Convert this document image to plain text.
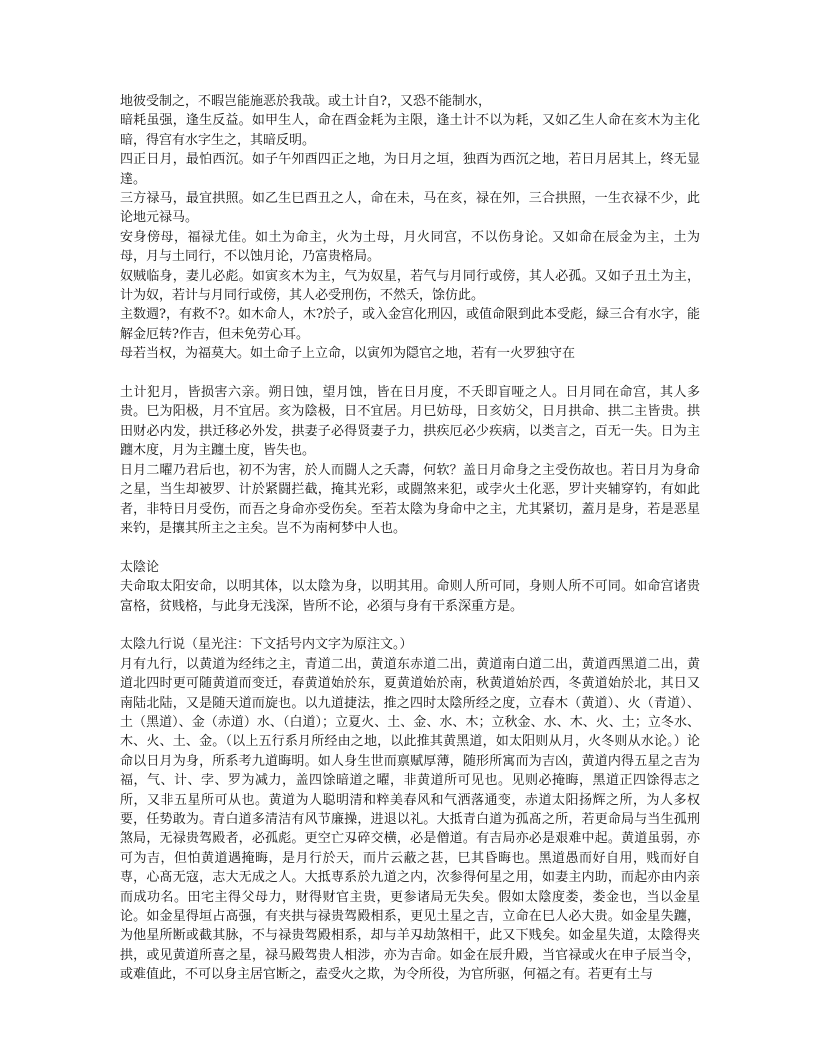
地彼受制之，不暇岂能施恶於我哉。或土计自?，又恐不能制水，

暗耗虽强，逢生反益。如甲生人，命在酉金耗为主限，逢土计不以为耗，又如乙生人命在亥木为主化暗，得宫有水字生之，其暗反明。

四正日月，最怕西沉。如子午夘酉四正之地，为日月之垣，独酉为西沉之地，若日月居其上，终无显達。

三方禄马，最宜拱照。如乙生巳酉丑之人，命在未，马在亥，禄在夘，三合拱照，一生衣禄不少，此论地元禄马。

安身傍母，福禄尤佳。如土为命主，火为土母，月火同宫，不以伤身论。又如命在辰金为主，土为母，月与土同行，不以蚀月论，乃富贵格局。

奴贼临身，妻儿必彪。如寅亥木为主，气为奴星，若气与月同行或傍，其人必孤。又如子丑土为主，计为奴，若计与月同行或傍，其人必受刑伤，不然夭，馀仿此。

主数週?，有救不?。如木命人，木?於子，或入金宫化刑囚，或值命限到此本受彪，緑三合有水字，能解金厄转?作吉，但未免劳心耳。

母若当权，为福莫大。如土命子上立命，以寅夘为隠官之地，若有一火罗独守在

土计犯月，皆损害六亲。朔日蚀，望月蚀，皆在日月度，不夭即盲哑之人。日月同在命宫，其人多贵。巳为阳极，月不宜居。亥为陰极，日不宜居。月巳妨母，日亥妨父，日月拱命、拱二主皆贵。拱田财必内发，拱迁移必外发，拱妻子必得贤妻子力，拱疾厄必少疾病，以类言之，百无一失。日为主躔木度，月为主躔土度，皆失也。

日月二曜乃君后也，初不为害，於人而闘人之夭壽，何软？盖日月命身之主受伤故也。若日月为身命之星，当生却被罗、计於紧闘拦截，掩其光彩，或闘煞来犯，或孛火土化恶，罗计夹辅穿钓，有如此者，非特日月受伤，而吾之身命亦受伤矣。至若太陰为身命中之主，尤其紧切，蓋月是身，若是恶星来钓，是攘其所主之主矣。岂不为南柯梦中人也。

太陰论

夫命取太阳安命，以明其体，以太陰为身，以明其用。命则人所可同，身则人所不可同。如命宫诸贵富格，贫贱格，与此身无浅深，皆所不论，必須与身有干系深重方是。

太陰九行说（星光注：下文括号内文字为原注文。）

月有九行，以黄道为经纬之主，青道二出，黄道东赤道二出，黄道南白道二出，黄道西黑道二出，黄道北四时更可随黄道而变迁，春黄道始於东，夏黄道始於南，秋黄道始於西，冬黄道始於北，其日又南陆北陆，又是随天道而旋也。以九道捷法，推之四时太陰所经之度，立春木（黄道）、火（青道）、土（黑道）、金（赤道）水、（白道）；立夏火、土、金、水、木；立秋金、水、木、火、土；立冬水、木、火、土、金。（以上五行系月所经由之地，以此推其黄黑道，如太阳则从月，火冬则从水论。）论命以日月为身，所系考九道晦明。如人身生世而禀赋厚薄，随形所寓而为吉凶，黄道内得五星之吉为福，气、计、孛、罗为减力，盖四馀暗道之曜，非黄道所可见也。见则必掩晦，黑道正四馀得志之所，又非五星所可从也。黄道为人聪明清和粹美春风和气洒落通变，赤道太阳扬辉之所，为人多权要，任势敢为。青白道多清洁有风节廉操，进退以礼。大抵青白道为孤髙之所，若更命局与当生孤刑煞局，无禄贵驾殿者，必孤彪。更空亡刄碎交横，必是僧道。有吉局亦必是艰难中起。黄道虽弱，亦可为吉，但怕黄道遇掩晦，是月行於天，而片云蔽之甚，巳其昏晦也。黑道愚而好自用，贱而好自専，心髙无寇，志大无成之人。大抵専系於九道之内，次参得何星之用，如妻主内助，而起亦由内亲而成功名。田宅主得父母力，财得财官主贵，更参诸局无失矣。假如太陰度娄，娄金也，当以金星论。如金星得垣占髙强，有夹拱与禄贵驾殿相系，更见土星之吉，立命在巳人必大贵。如金星失躔，为他星所断或截其脉，不与禄贵驾殿相系，却与羊刄劫煞相干，此又下贱矣。如金星失道，太陰得夹拱，或见黄道所喜之星，禄马殿驾贵人相涉，亦为吉命。如金在辰升殿，当官禄或火在申子辰当令，或难值此，不可以身主居官断之，盍受火之欺，为令所役，为官所驱，何福之有。若更有土与
